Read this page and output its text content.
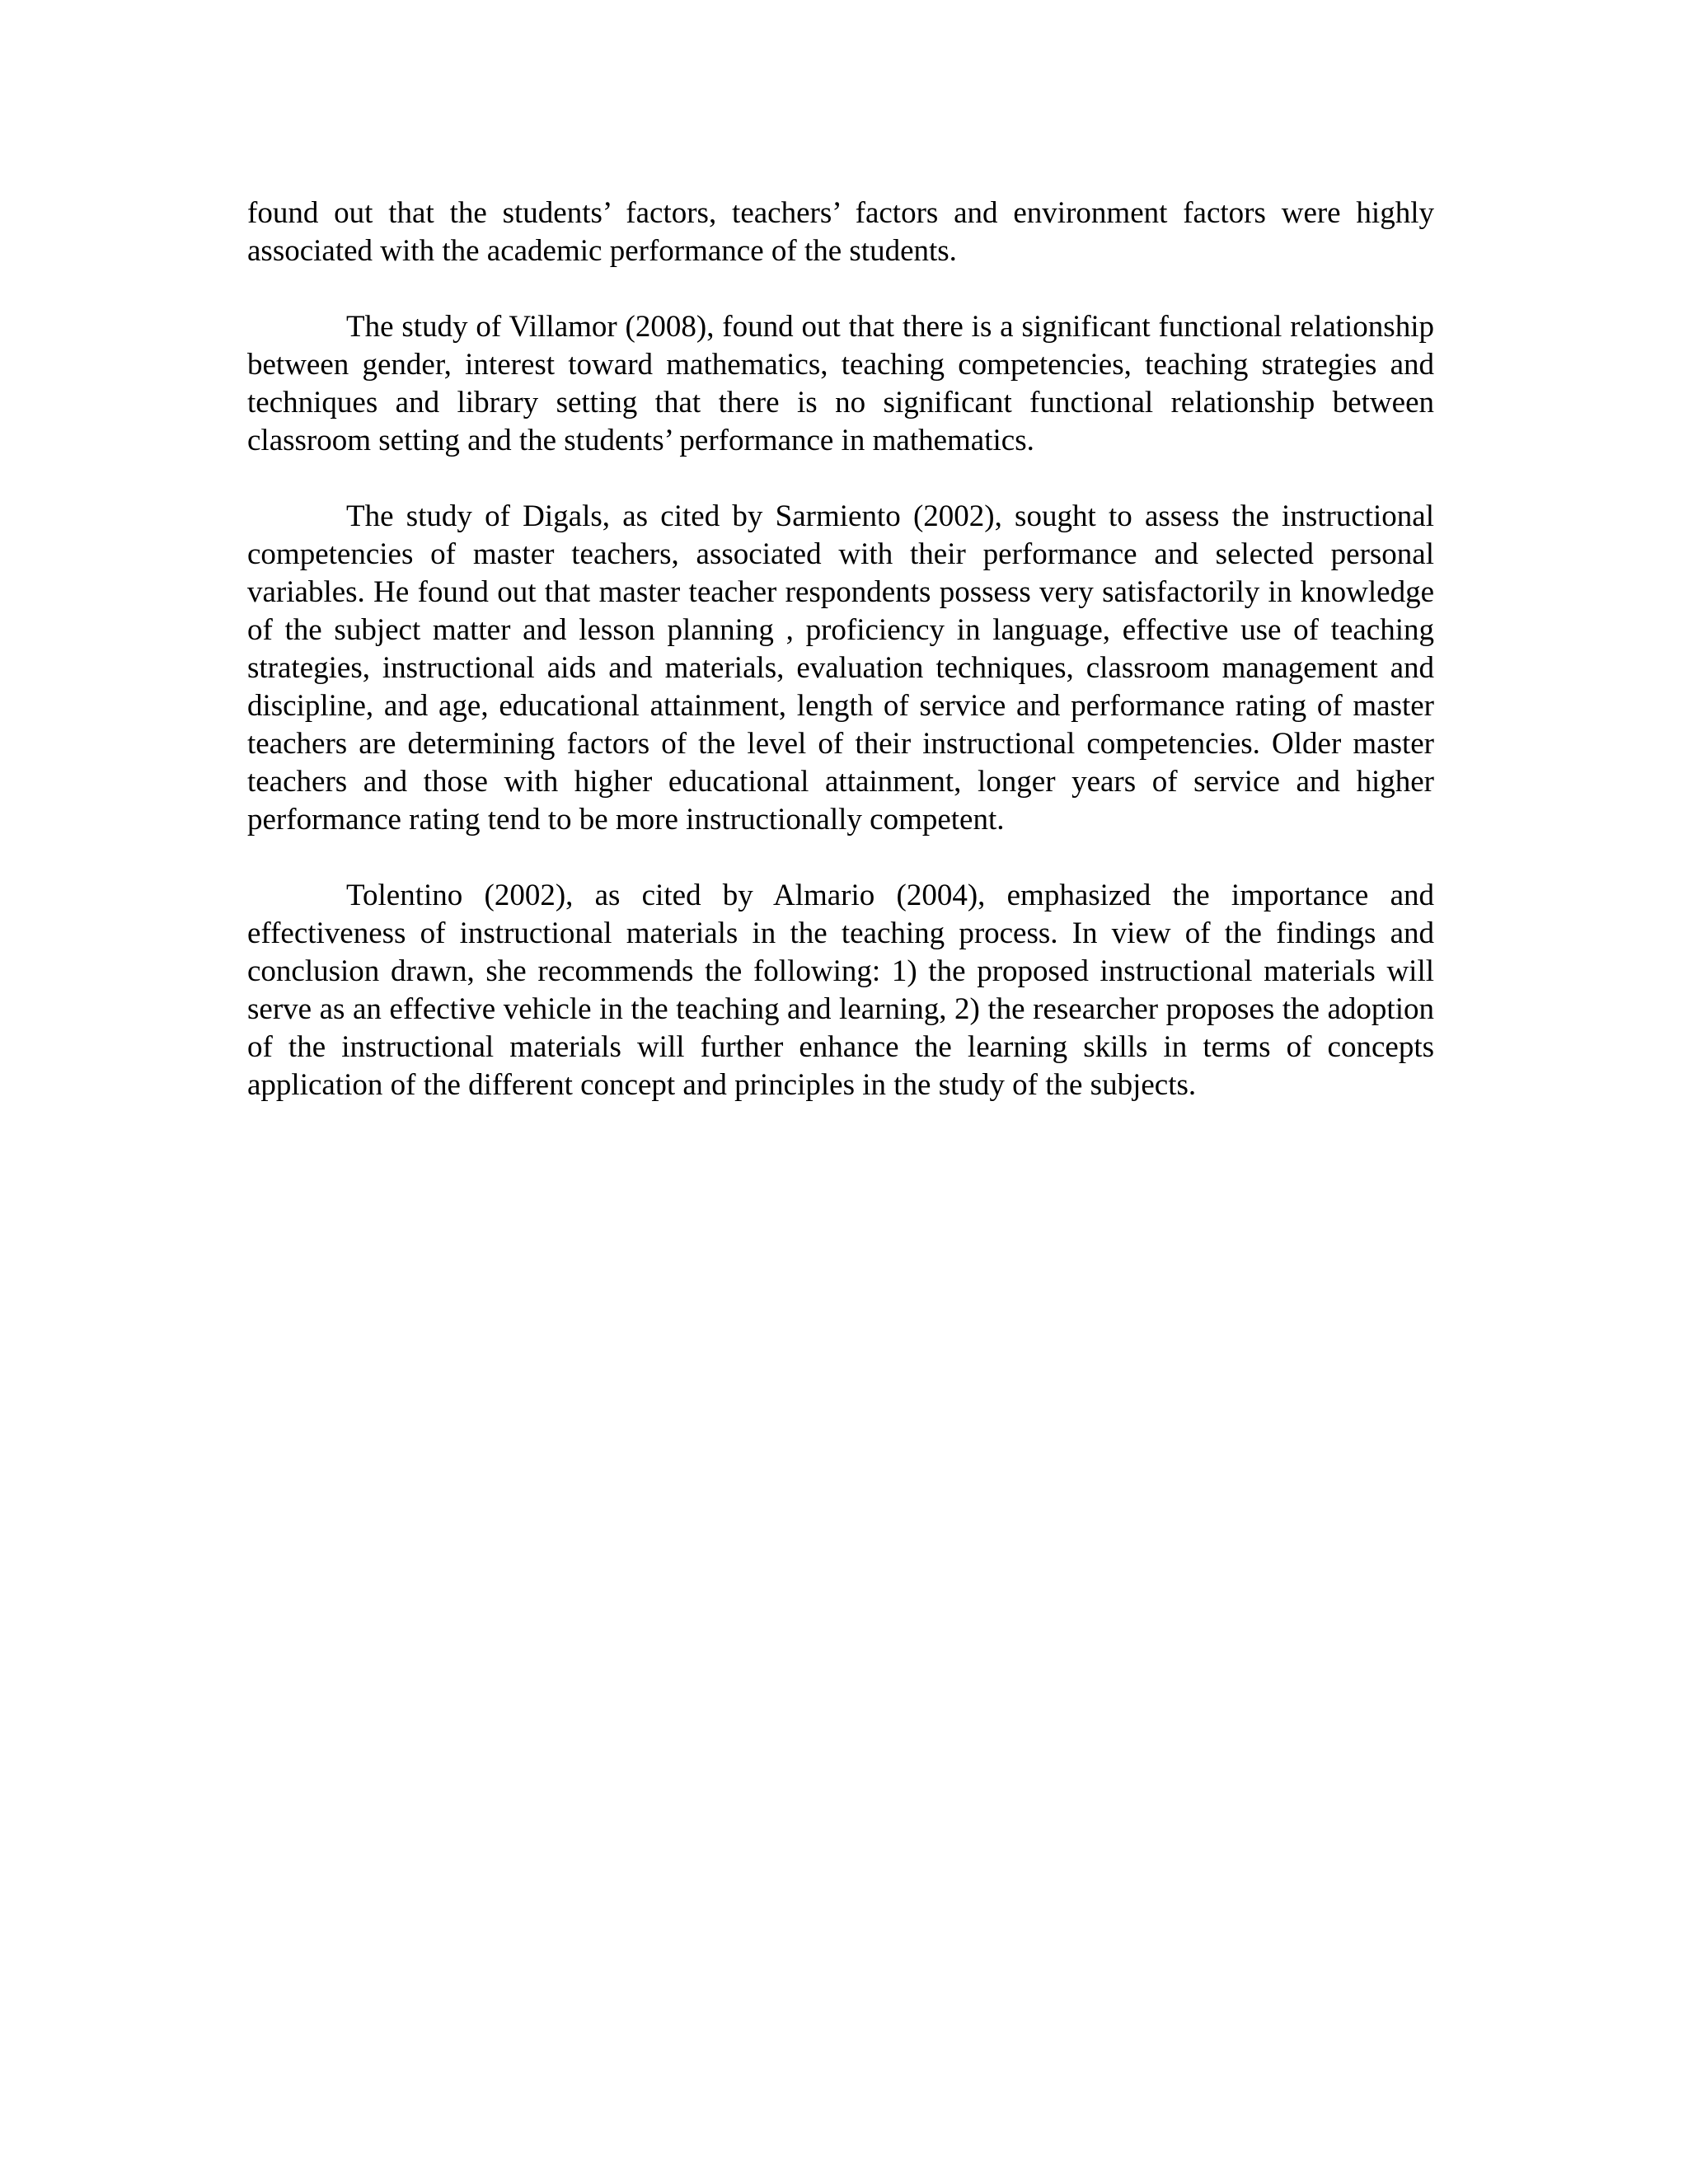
found out that the students’ factors, teachers’ factors and environment factors were highly associated with the academic performance of the students.

The study of Villamor (2008), found out that there is a significant functional relationship between gender, interest toward mathematics, teaching competencies, teaching strategies and techniques and library setting that there is no significant functional relationship between classroom setting and the students’ performance in mathematics.

The study of Digals, as cited by Sarmiento (2002), sought to assess the instructional competencies of master teachers, associated with their performance and selected personal variables. He found out that master teacher respondents possess very satisfactorily in knowledge of the subject matter and lesson planning , proficiency in language, effective use of teaching strategies, instructional aids and materials, evaluation techniques, classroom management and discipline, and age, educational attainment, length of service and performance rating of master teachers are determining factors of the level of their instructional competencies. Older master teachers and those with higher educational attainment, longer years of service and higher performance rating tend to be more instructionally competent.

Tolentino (2002), as cited by Almario (2004), emphasized the importance and effectiveness of instructional materials in the teaching process. In view of the findings and conclusion drawn, she recommends the following: 1) the proposed instructional materials will serve as an effective vehicle in the teaching and learning, 2) the researcher proposes the adoption of the instructional materials will further enhance the learning skills in terms of concepts application of the different concept and principles in the study of the subjects.
